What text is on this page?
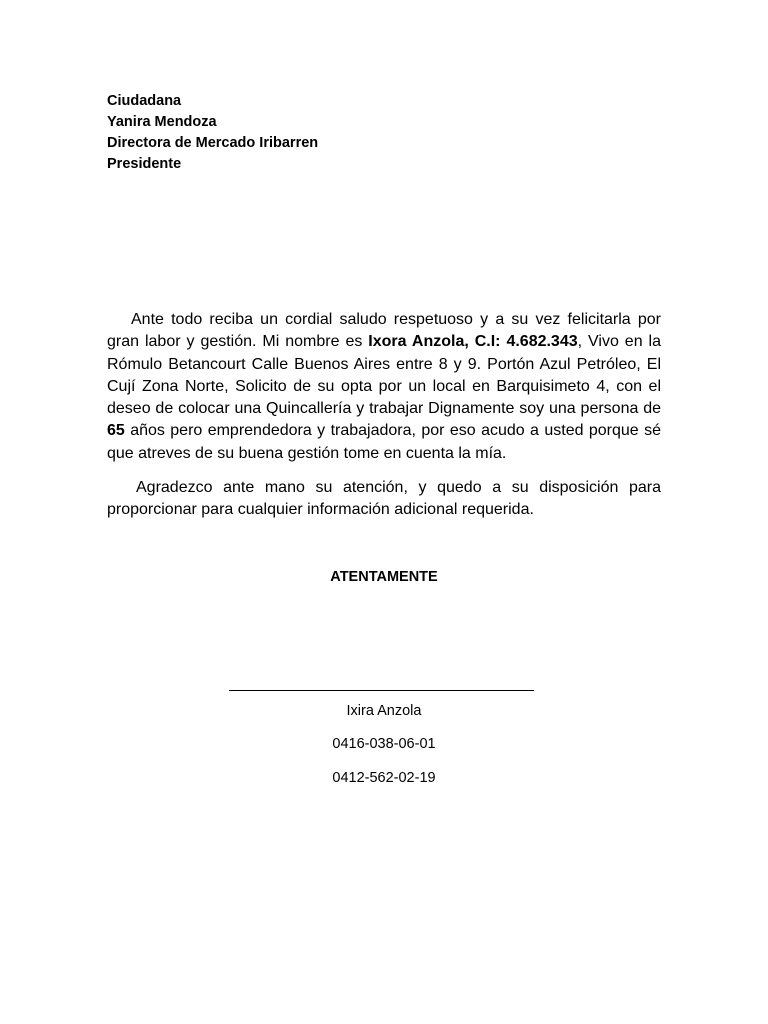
Ciudadana
Yanira Mendoza
Directora de Mercado Iribarren
Presidente

Ante todo reciba un cordial saludo respetuoso y a su vez felicitarla por gran labor y gestión. Mi nombre es Ixora Anzola, C.I: 4.682.343, Vivo en la Rómulo Betancourt Calle Buenos Aires entre 8 y 9. Portón Azul Petróleo, El Cují Zona Norte, Solicito de su opta por un local en Barquisimeto 4, con el deseo de colocar una Quincallería y trabajar Dignamente soy una persona de 65 años pero emprendedora y trabajadora, por eso acudo a usted porque sé que atreves de su buena gestión tome en cuenta la mía.

Agradezco ante mano su atención, y quedo a su disposición para proporcionar para cualquier información adicional requerida.

ATENTAMENTE
Ixira Anzola
0416-038-06-01
0412-562-02-19
